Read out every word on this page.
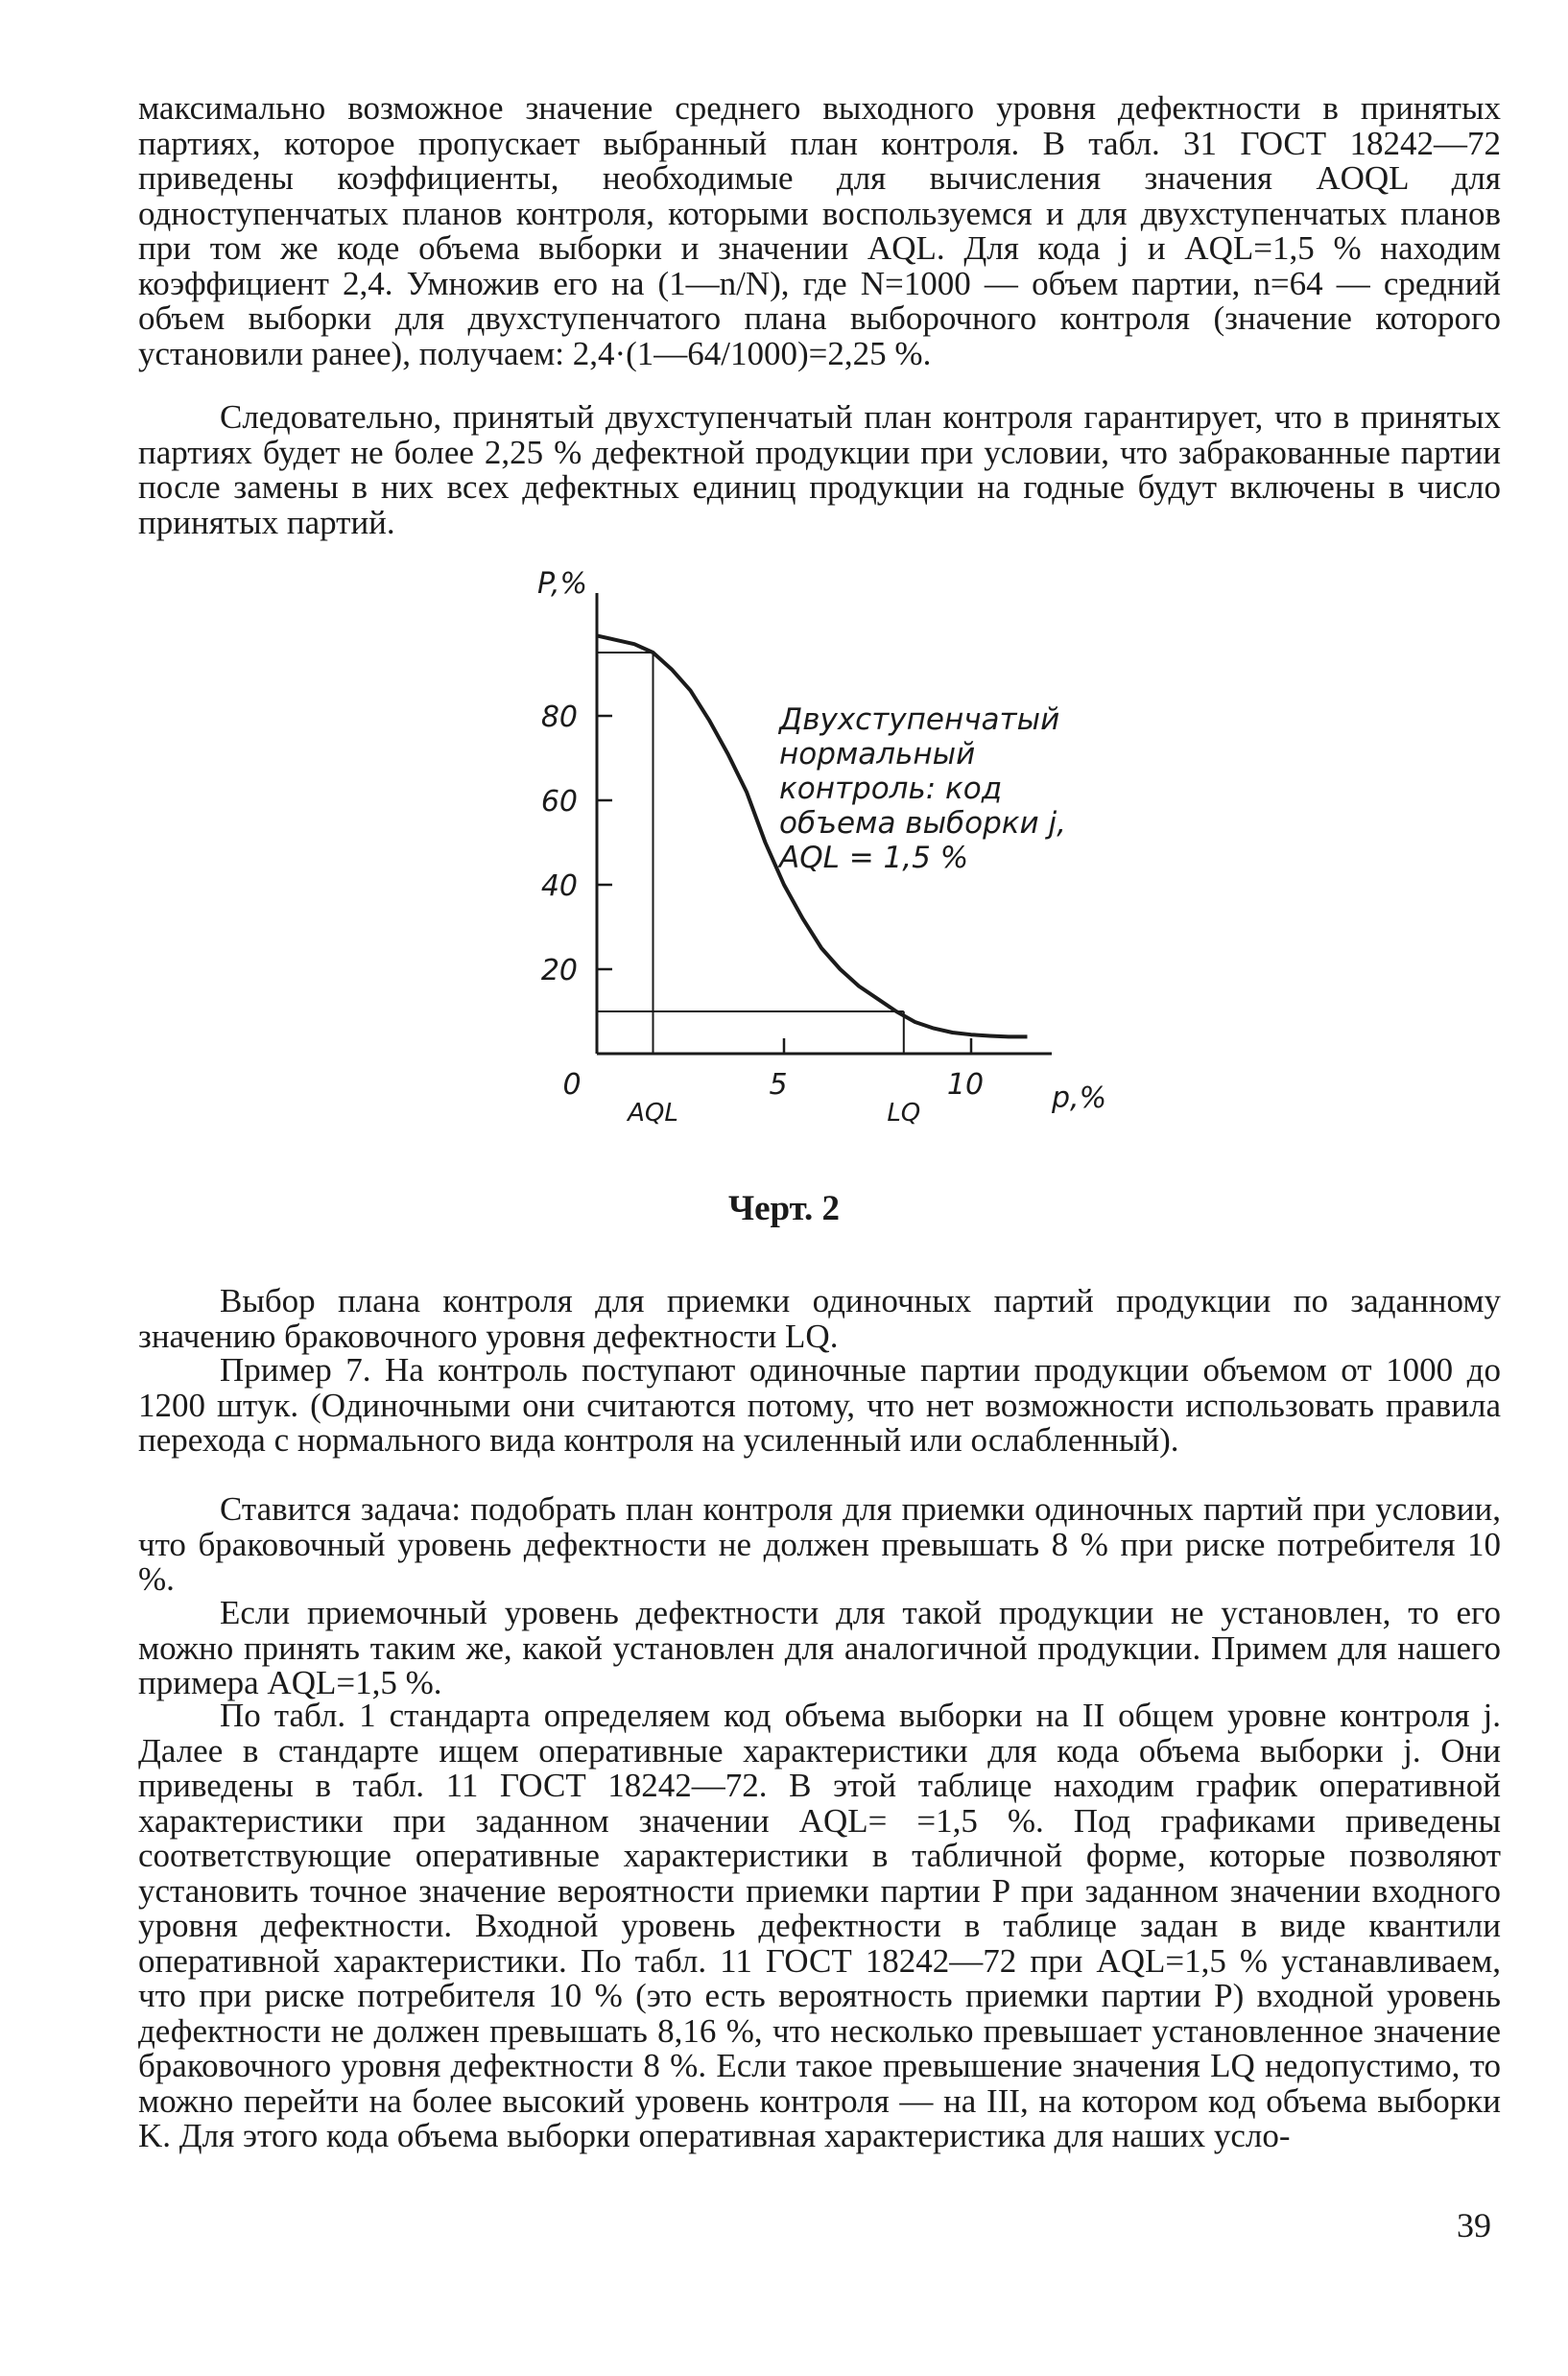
максимально возможное значение среднего выходного уровня дефектности в принятых партиях, которое пропускает выбранный план контроля. В табл. 31 ГОСТ 18242—72 приведены коэффициенты, необходимые для вычисления значения AOQL для одноступенчатых планов контроля, которыми воспользуемся и для двухступенчатых планов при том же коде объема выборки и значении AQL. Для кода j и AQL=1,5 % находим коэффициент 2,4. Умножив его на (1—n/N), где N=1000 — объем партии, n=64 — средний объем выборки для двухступенчатого плана выборочного контроля (значение которого установили ранее), получаем: 2,4·(1—64/1000)=2,25 %.

Следовательно, принятый двухступенчатый план контроля гарантирует, что в принятых партиях будет не более 2,25 % дефектной продукции при условии, что забракованные партии после замены в них всех дефектных единиц продукции на годные будут включены в число принятых партий.

P,%
p,%
20
40
60
80
0	5	10
AQL	LQ
Двухступенчатый
нормальный
контроль: код
объема выборки j,
AQL = 1,5 %
Черт. 2

Выбор плана контроля для приемки одиночных партий продукции по заданному значению браковочного уровня дефектности LQ.

Пример 7. На контроль поступают одиночные партии продукции объемом от 1000 до 1200 штук. (Одиночными они считаются потому, что нет возможности использовать правила перехода с нормального вида контроля на усиленный или ослабленный).

Ставится задача: подобрать план контроля для приемки одиночных партий при условии, что браковочный уровень дефектности не должен превышать 8 % при риске потребителя 10 %.

Если приемочный уровень дефектности для такой продукции не установлен, то его можно принять таким же, какой установлен для аналогичной продукции. Примем для нашего примера AQL=1,5 %.

По табл. 1 стандарта определяем код объема выборки на II общем уровне контроля j. Далее в стандарте ищем оперативные характеристики для кода объема выборки j. Они приведены в табл. 11 ГОСТ 18242—72. В этой таблице находим график оперативной характеристики при заданном значении AQL= =1,5 %. Под графиками приведены соответствующие оперативные характеристики в табличной форме, которые позволяют установить точное значение вероятности приемки партии P при заданном значении входного уровня дефектности. Входной уровень дефектности в таблице задан в виде квантили оперативной характеристики. По табл. 11 ГОСТ 18242—72 при AQL=1,5 % устанавливаем, что при риске потребителя 10 % (это есть вероятность приемки партии P) входной уровень дефектности не должен превышать 8,16 %, что несколько превышает установленное значение браковочного уровня дефектности 8 %. Если такое превышение значения LQ недопустимо, то можно перейти на более высокий уровень контроля — на III, на котором код объема выборки K. Для этого кода объема выборки оперативная характеристика для наших усло-

39
